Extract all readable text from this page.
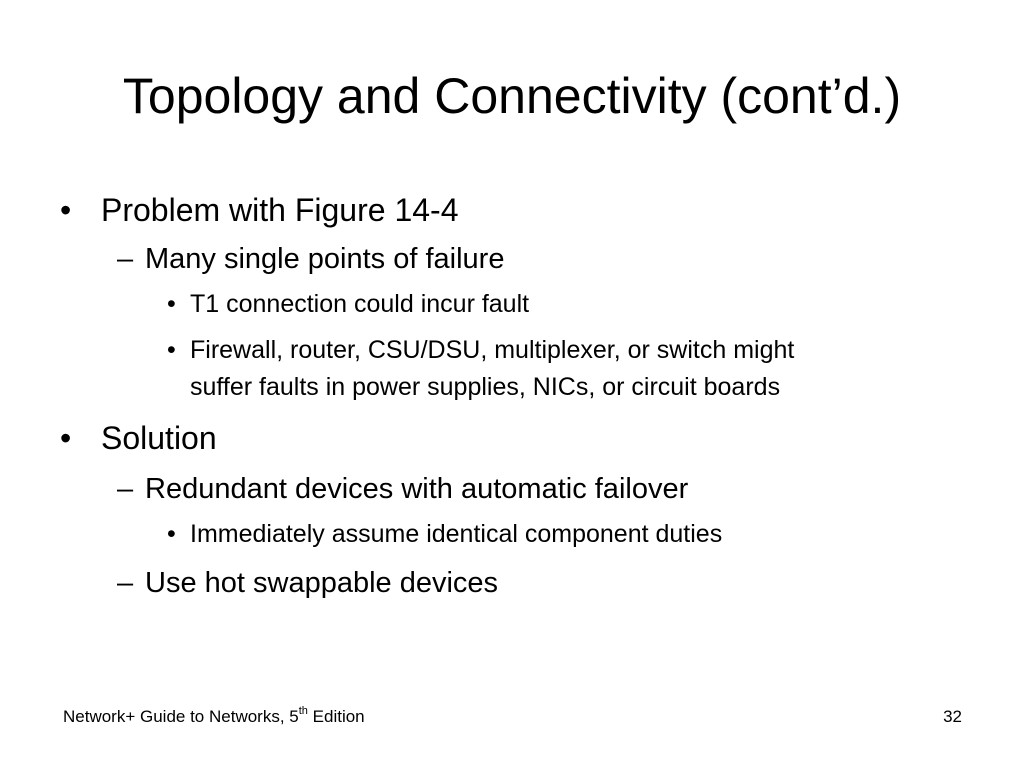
Topology and Connectivity (cont’d.)
• Problem with Figure 14-4
– Many single points of failure
• T1 connection could incur fault
• Firewall, router, CSU/DSU, multiplexer, or switch might
suffer faults in power supplies, NICs, or circuit boards
• Solution
– Redundant devices with automatic failover
• Immediately assume identical component duties
– Use hot swappable devices
Network+ Guide to Networks, 5th Edition	32
